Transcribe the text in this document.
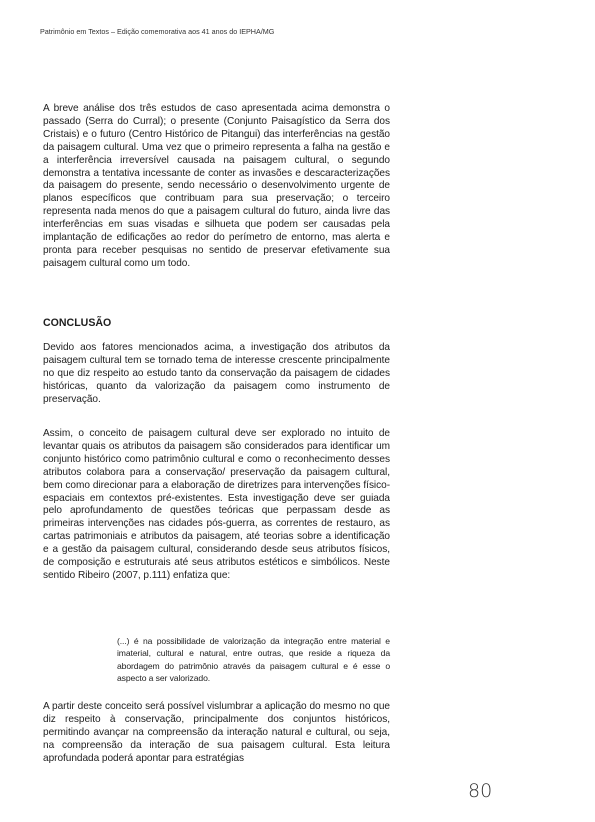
Patrimônio em Textos – Edição comemorativa aos 41 anos do IEPHA/MG

A breve análise dos três estudos de caso apresentada acima demonstra o passado (Serra do Curral); o presente (Conjunto Paisagístico da Serra dos Cristais) e o futuro (Centro Histórico de Pitangui) das interferências na gestão da paisagem cultural. Uma vez que o primeiro representa a falha na gestão e a interferência irreversível causada na paisagem cultural, o segundo demonstra a tentativa incessante de conter as invasões e descaracterizações da paisagem do presente, sendo necessário o desenvolvimento urgente de planos específicos que contribuam para sua preservação; o terceiro representa nada menos do que a paisagem cultural do futuro, ainda livre das interferências em suas visadas e silhueta que podem ser causadas pela implantação de edificações ao redor do perímetro de entorno, mas alerta e pronta para receber pesquisas no sentido de preservar efetivamente sua paisagem cultural como um todo.

CONCLUSÃO

Devido aos fatores mencionados acima, a investigação dos atributos da paisagem cultural tem se tornado tema de interesse crescente principalmente no que diz respeito ao estudo tanto da conservação da paisagem de cidades históricas, quanto da valorização da paisagem como instrumento de preservação.

Assim, o conceito de paisagem cultural deve ser explorado no intuito de levantar quais os atributos da paisagem são considerados para identificar um conjunto histórico como patrimônio cultural e como o reconhecimento desses atributos colabora para a conservação/ preservação da paisagem cultural, bem como direcionar para a elaboração de diretrizes para intervenções físico-espaciais em contextos pré-existentes. Esta investigação deve ser guiada pelo aprofundamento de questões teóricas que perpassam desde as primeiras intervenções nas cidades pós-guerra, as correntes de restauro, as cartas patrimoniais e atributos da paisagem, até teorias sobre a identificação e a gestão da paisagem cultural, considerando desde seus atributos físicos, de composição e estruturais até seus atributos estéticos e simbólicos. Neste sentido Ribeiro (2007, p.111) enfatiza que:

(...) é na possibilidade de valorização da integração entre material e imaterial, cultural e natural, entre outras, que reside a riqueza da abordagem do patrimônio através da paisagem cultural e é esse o aspecto a ser valorizado.

A partir deste conceito será possível vislumbrar a aplicação do mesmo no que diz respeito à conservação, principalmente dos conjuntos históricos, permitindo avançar na compreensão da interação natural e cultural, ou seja, na compreensão da interação de sua paisagem cultural. Esta leitura aprofundada poderá apontar para estratégias

80
